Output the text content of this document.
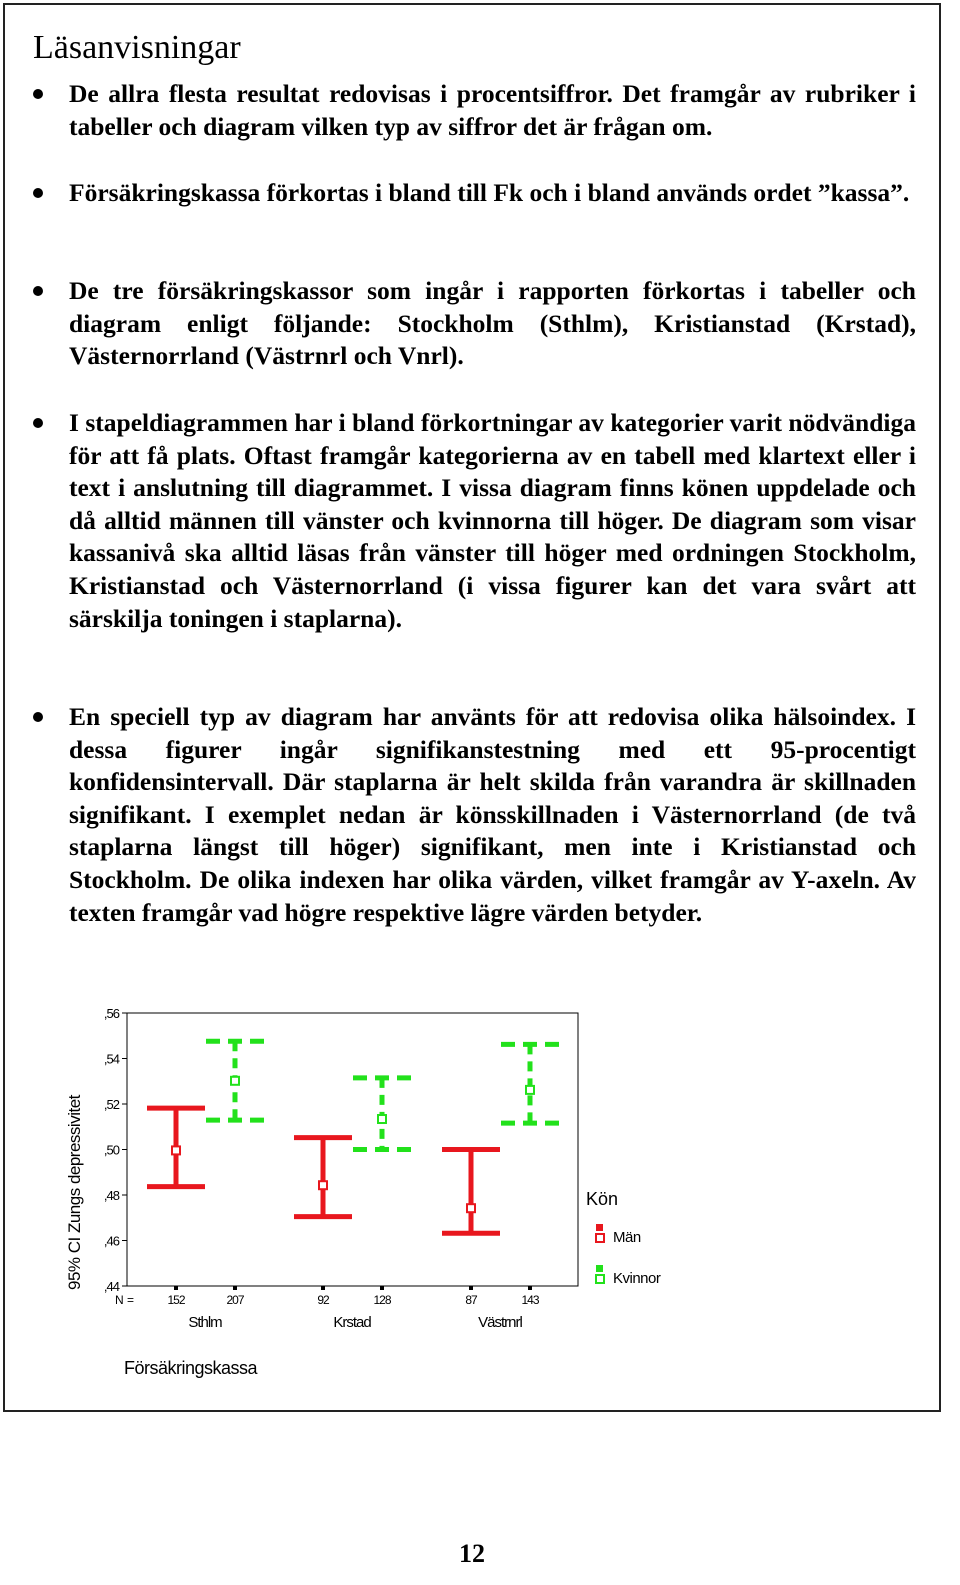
Läsanvisningar
De allra flesta resultat redovisas i procentsiffror. Det framgår av rubriker i tabeller och diagram vilken typ av siffror det är frågan om.
Försäkringskassa förkortas i bland till Fk och i bland används ordet ”kassa”.
De tre försäkringskassor som ingår i rapporten förkortas i tabeller och diagram enligt följande: Stockholm (Sthlm), Kristianstad (Krstad), Västernorrland (Västrnrl och Vnrl).
I stapeldiagrammen har i bland förkortningar av kategorier varit nödvändiga för att få plats. Oftast framgår kategorierna av en tabell med klartext eller i text i anslutning till diagrammet. I vissa diagram finns könen uppdelade och då alltid männen till vänster och kvinnorna till höger. De diagram som visar kassanivå ska alltid läsas från vänster till höger med ordningen Stockholm, Kristianstad och Västernorrland (i vissa figurer kan det vara svårt att särskilja toningen i staplarna).
En speciell typ av diagram har använts för att redovisa olika hälsoindex. I dessa figurer ingår signifikanstestning med ett 95-procentigt konfidensintervall. Där staplarna är helt skilda från varandra är skillnaden signifikant. I exemplet nedan är könsskillnaden i Västernorrland (de två staplarna längst till höger) signifikant, men inte i Kristianstad och Stockholm. De olika indexen har olika värden, vilket framgår av Y-axeln. Av texten framgår vad högre respektive lägre värden betyder.
95% CI Zungs depressivitet
,56
,54
,52
,50
,48
,46
,44
152	92	87
207	128	143
N =
Sthlm	Krstad	Västrnrl
Försäkringskassa
Kön
Män
Kvinnor
12
